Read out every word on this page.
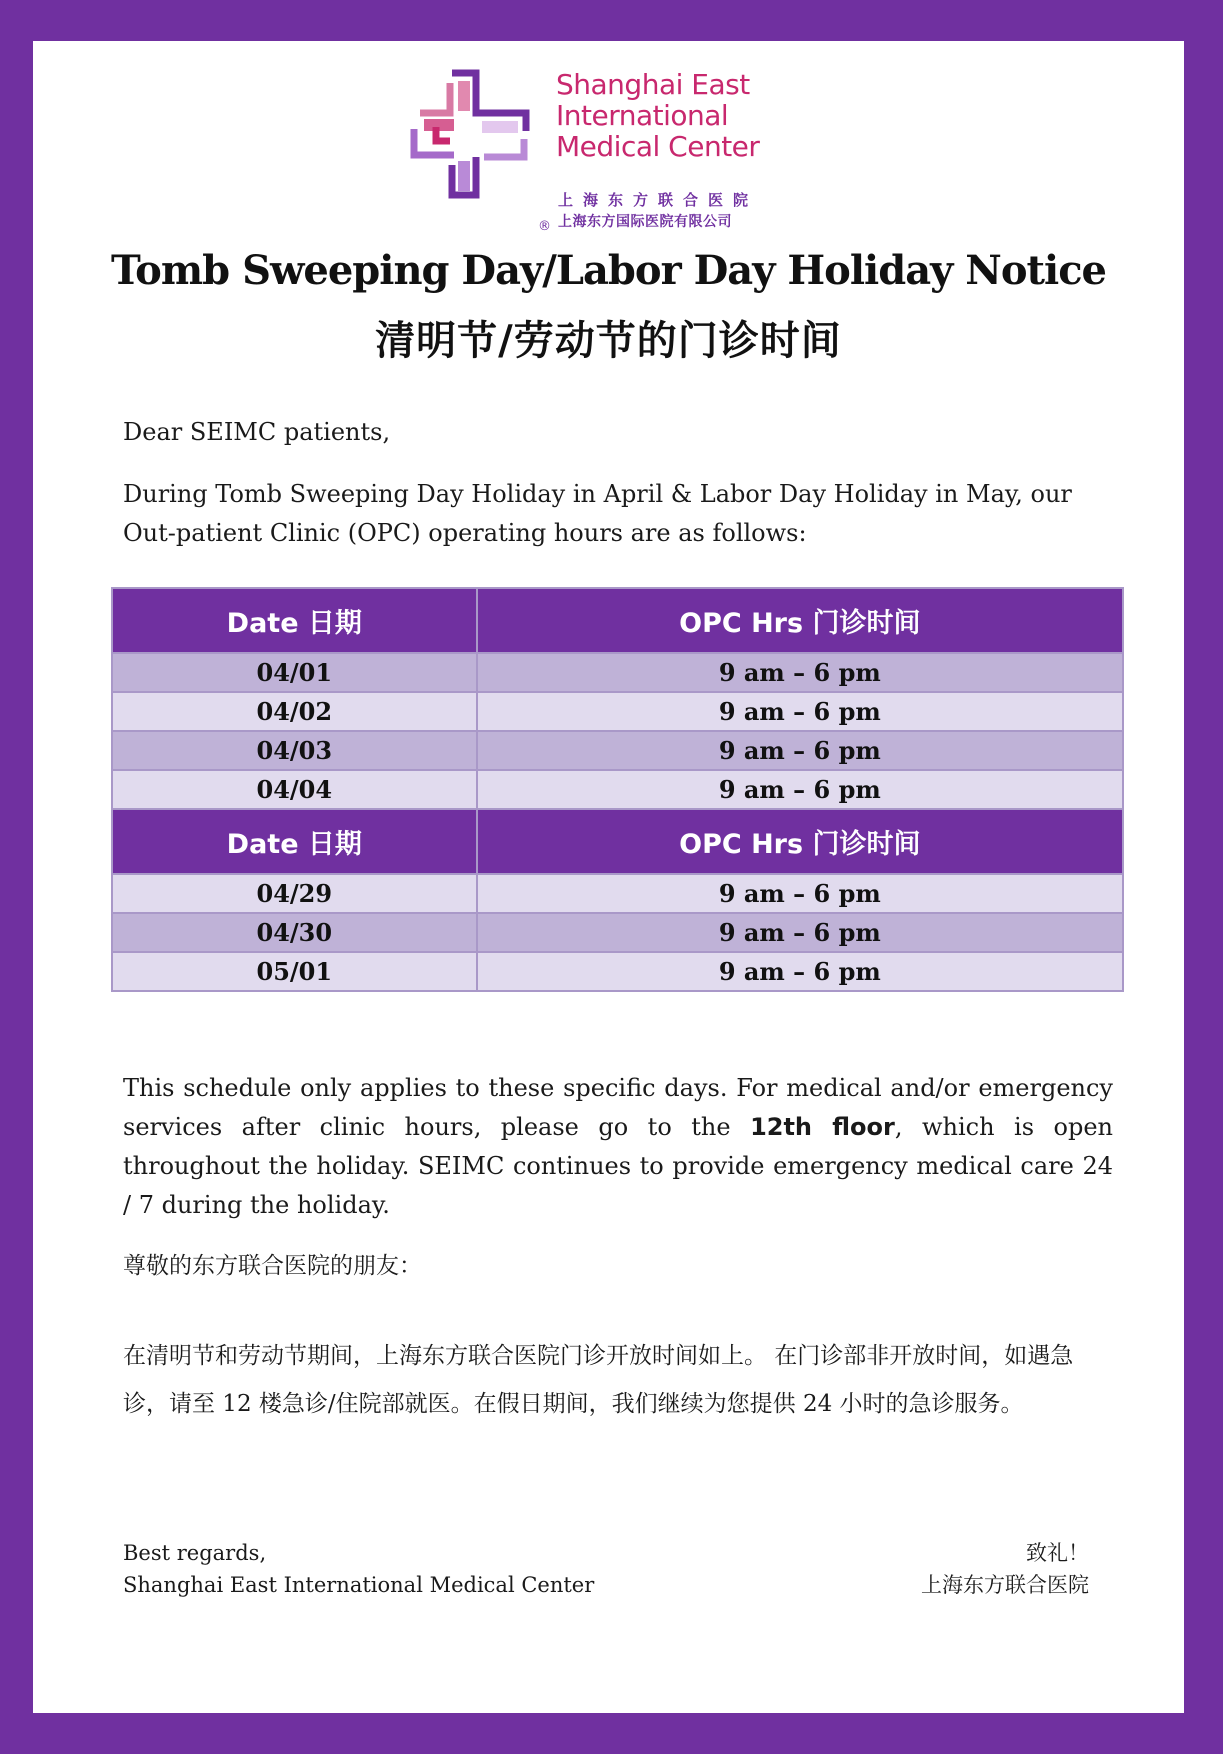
Shanghai East
International
Medical Center
上海东方联合医院
上海东方国际医院有限公司
®
Tomb Sweeping Day/Labor Day Holiday Notice
清明节/劳动节的门诊时间

Dear SEIMC patients,

During Tomb Sweeping Day Holiday in April & Labor Day Holiday in May, our Out-patient Clinic (OPC) operating hours are as follows:

Date 日期	OPC Hrs 门诊时间
04/01	9 am – 6 pm
04/02	9 am – 6 pm
04/03	9 am – 6 pm
04/04	9 am – 6 pm
Date 日期	OPC Hrs 门诊时间
04/29	9 am – 6 pm
04/30	9 am – 6 pm
05/01	9 am – 6 pm

This schedule only applies to these specific days. For medical and/or emergency services after clinic hours, please go to the 12th floor, which is open throughout the holiday. SEIMC continues to provide emergency medical care 24 / 7 during the holiday.

尊敬的东方联合医院的朋友：

在清明节和劳动节期间，上海东方联合医院门诊开放时间如上。 在门诊部非开放时间，如遇急诊，请至 12 楼急诊/住院部就医。在假日期间，我们继续为您提供 24 小时的急诊服务。

Best regards,
Shanghai East International Medical Center
致礼！
上海东方联合医院
